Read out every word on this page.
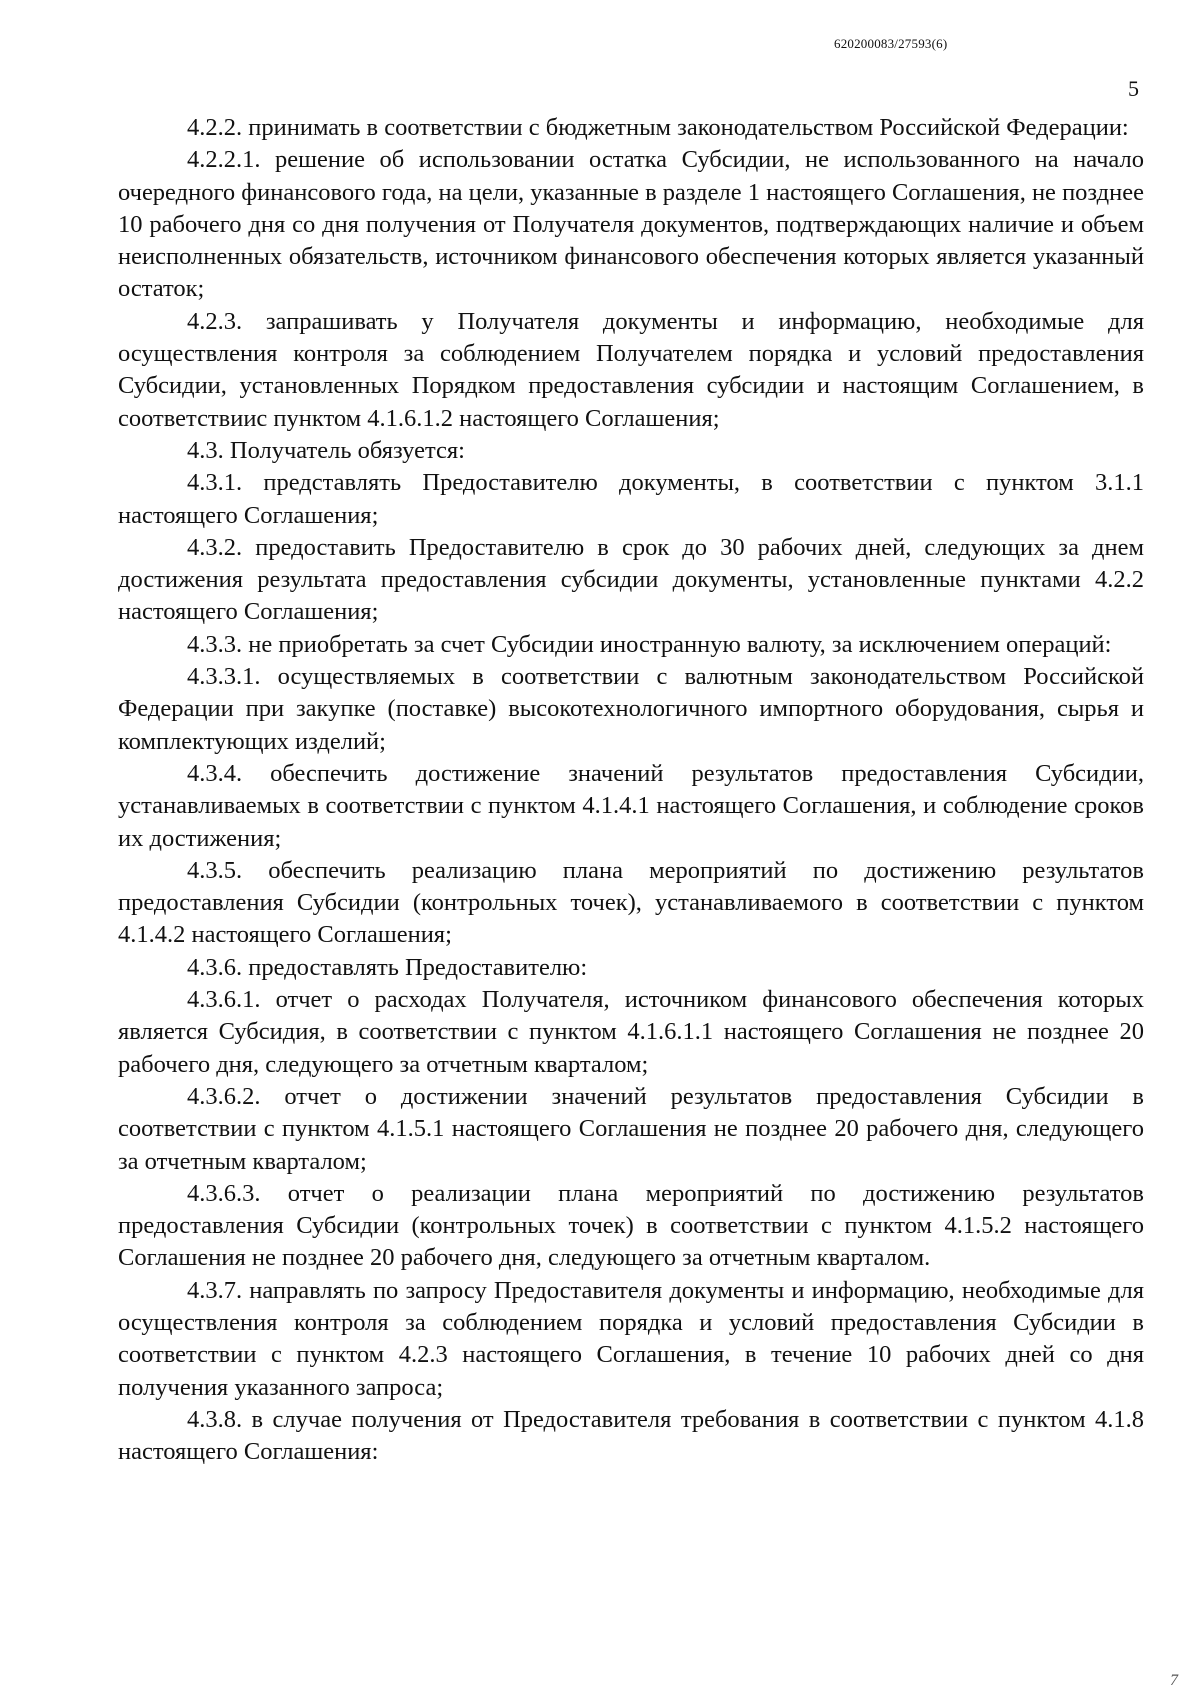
620200083/27593(6)
5

4.2.2. принимать в соответствии с бюджетным законодательством Российской Федерации:

4.2.2.1. решение об использовании остатка Субсидии, не использованного на начало очередного финансового года, на цели, указанные в разделе 1 настоящего Соглашения, не позднее 10 рабочего дня со дня получения от Получателя документов, подтверждающих наличие и объем неисполненных обязательств, источником финансового обеспечения которых является указанный остаток;

4.2.3. запрашивать у Получателя документы и информацию, необходимые для осуществления контроля за соблюдением Получателем порядка и условий предоставления Субсидии, установленных Порядком предоставления субсидии и настоящим Соглашением, в соответствиис пунктом 4.1.6.1.2 настоящего Соглашения;

4.3. Получатель обязуется:

4.3.1. представлять Предоставителю документы, в соответствии с пунктом 3.1.1 настоящего Соглашения;

4.3.2. предоставить Предоставителю в срок до 30 рабочих дней, следующих за днем достижения результата предоставления субсидии документы, установленные пунктами 4.2.2 настоящего Соглашения;

4.3.3. не приобретать за счет Субсидии иностранную валюту, за исключением операций:

4.3.3.1. осуществляемых в соответствии с валютным законодательством Российской Федерации при закупке (поставке) высокотехнологичного импортного оборудования, сырья и комплектующих изделий;

4.3.4. обеспечить достижение значений результатов предоставления Субсидии, устанавливаемых в соответствии с пунктом 4.1.4.1 настоящего Соглашения, и соблюдение сроков их достижения;

4.3.5. обеспечить реализацию плана мероприятий по достижению результатов предоставления Субсидии (контрольных точек), устанавливаемого в соответствии с пунктом 4.1.4.2 настоящего Соглашения;

4.3.6. предоставлять Предоставителю:

4.3.6.1. отчет о расходах Получателя, источником финансового обеспечения которых является Субсидия, в соответствии с пунктом 4.1.6.1.1 настоящего Соглашения не позднее 20 рабочего дня, следующего за отчетным кварталом;

4.3.6.2. отчет о достижении значений результатов предоставления Субсидии в соответствии с пунктом 4.1.5.1 настоящего Соглашения не позднее 20 рабочего дня, следующего за отчетным кварталом;

4.3.6.3. отчет о реализации плана мероприятий по достижению результатов предоставления Субсидии (контрольных точек) в соответствии с пунктом 4.1.5.2 настоящего Соглашения не позднее 20 рабочего дня, следующего за отчетным кварталом.

4.3.7. направлять по запросу Предоставителя документы и информацию, необходимые для осуществления контроля за соблюдением порядка и условий предоставления Субсидии в соответствии с пунктом 4.2.3 настоящего Соглашения, в течение 10 рабочих дней со дня получения указанного запроса;

4.3.8. в случае получения от Предоставителя требования в соответствии с пунктом 4.1.8 настоящего Соглашения:

7
